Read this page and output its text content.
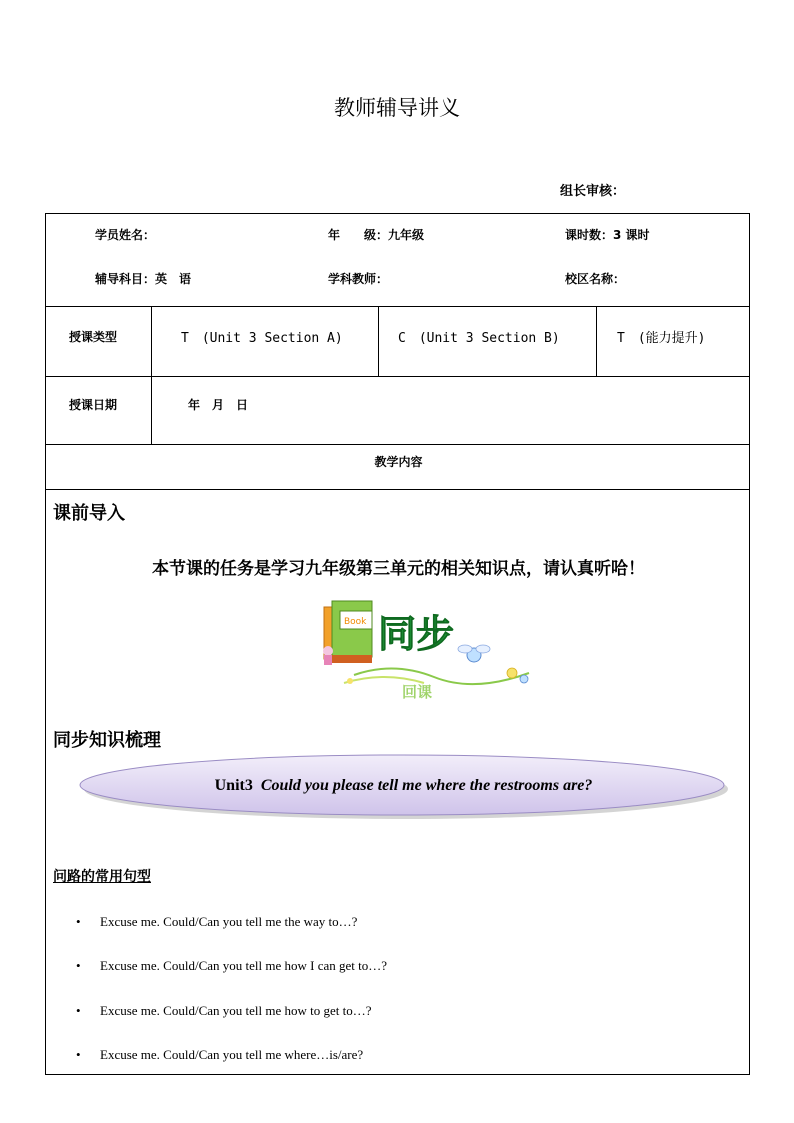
教师辅导讲义
组长审核：
学员姓名：	年　　级：九年级	课时数：3 课时
辅导科目：英　语	学科教师：	校区名称：
授课类型	T　(Unit 3 Section A)	C　(Unit 3 Section B)	T　(能力提升)
授课日期	年　月　日
教学内容
课前导入
本节课的任务是学习九年级第三单元的相关知识点，请认真听哈！
Book 同步
回课
同步知识梳理
Unit3 Could you please tell me where the restrooms are?
问路的常用句型
• Excuse me. Could/Can you tell me the way to…?
• Excuse me. Could/Can you tell me how I can get to…?
• Excuse me. Could/Can you tell me how to get to…?
• Excuse me. Could/Can you tell me where…is/are?
